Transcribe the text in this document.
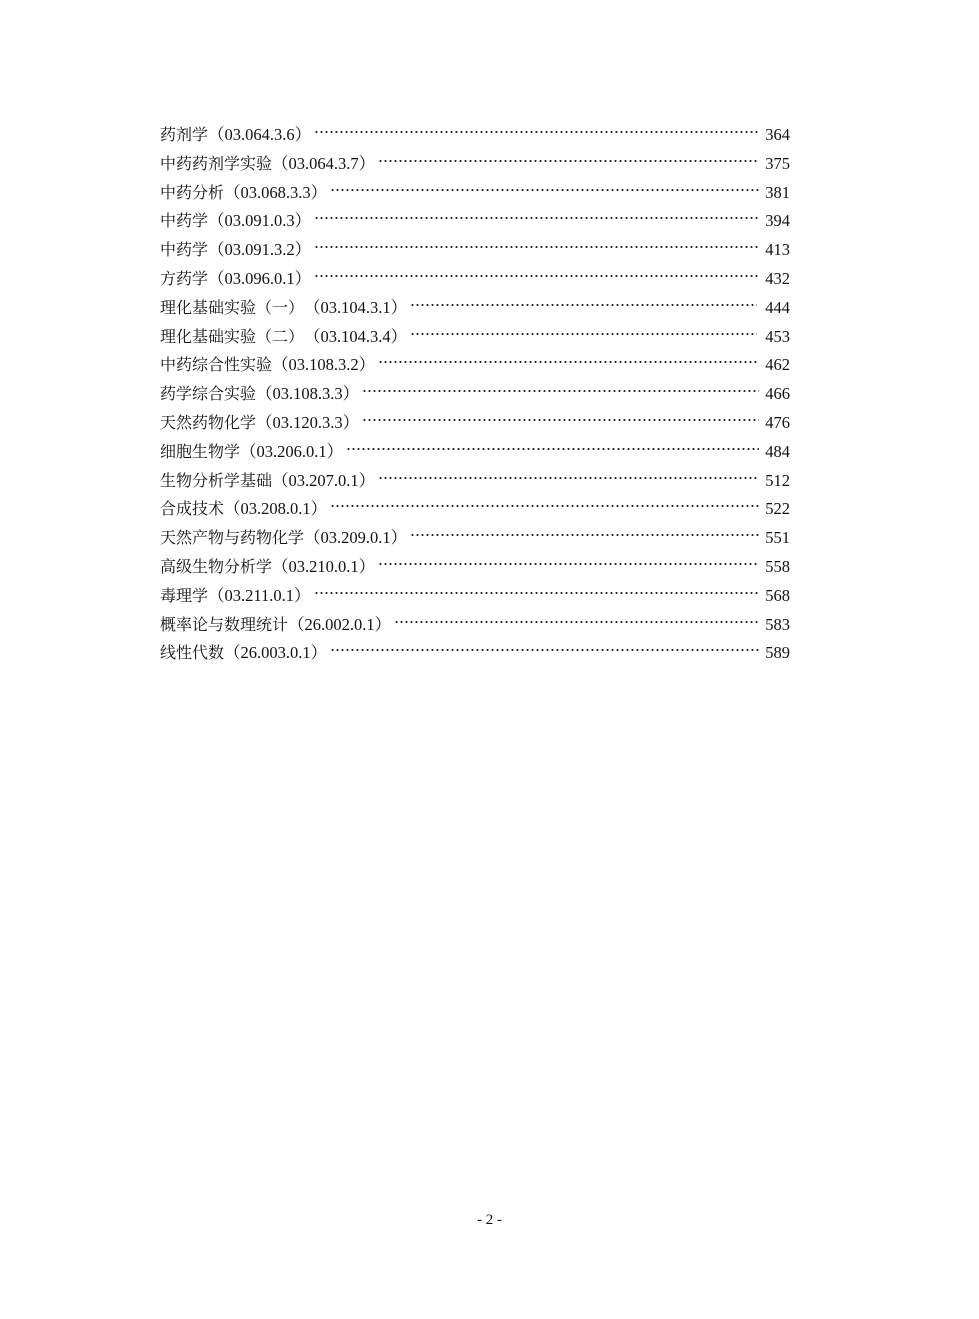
药剂学 （03.064.3.6）	364
中药药剂学实验 （03.064.3.7）	375
中药分析 （03.068.3.3）	381
中药学 （03.091.0.3）	394
中药学 （03.091.3.2）	413
方药学 （03.096.0.1）	432
理化基础实验（一） （03.104.3.1）	444
理化基础实验（二） （03.104.3.4）	453
中药综合性实验 （03.108.3.2）	462
药学综合实验 （03.108.3.3）	466
天然药物化学 （03.120.3.3）	476
细胞生物学 （03.206.0.1）	484
生物分析学基础 （03.207.0.1）	512
合成技术 （03.208.0.1）	522
天然产物与药物化学 （03.209.0.1）	551
高级生物分析学 （03.210.0.1）	558
毒理学 （03.211.0.1）	568
概率论与数理统计 （26.002.0.1）	583
线性代数 （26.003.0.1）	589
- 2 -
